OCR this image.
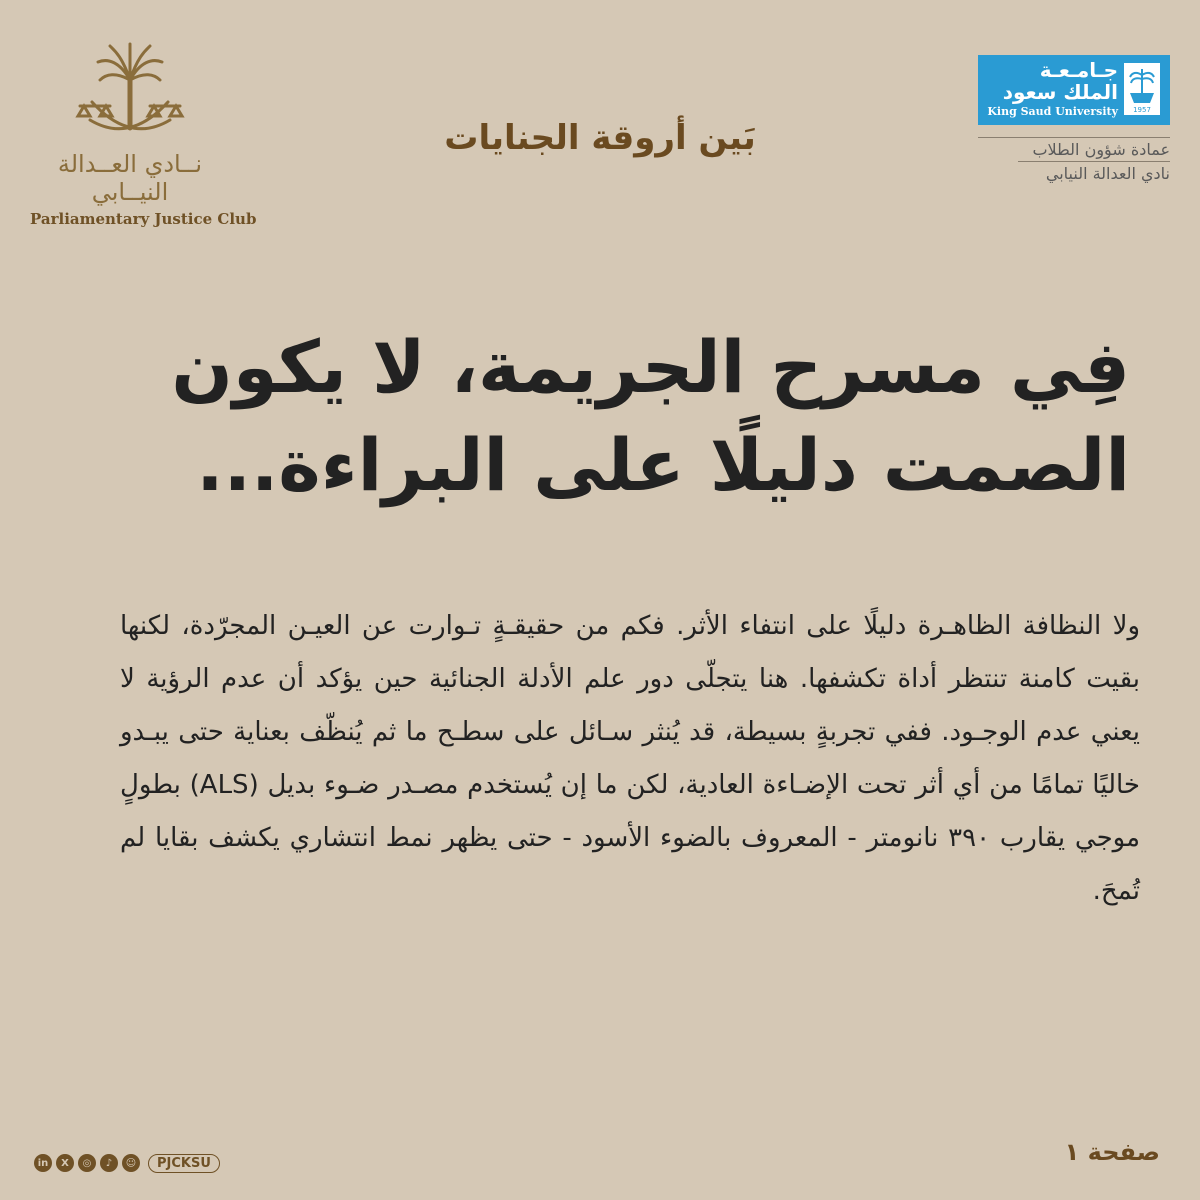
نــادي العــدالة النيــابي
Parliamentary Justice Club
بَين أروقة الجنايات
1957
جـامـعـة
الملك سعود
King Saud University
عمادة شؤون الطلاب
نادي العدالة النيابي
فِي مسرح الجريمة، لا يكون
الصمت دليلًا على البراءة...
ولا النظافة الظاهـرة دليلًا على انتفاء الأثر. فكم من حقيقـةٍ تـوارت عن العيـن المجرّدة، لكنها بقيت كامنة تنتظر أداة تكشفها. هنا يتجلّى دور علم الأدلة الجنائية حين يؤكد أن عدم الرؤية لا يعني عدم الوجـود. ففي تجربةٍ بسيطة، قد يُنثر سـائل على سطـح ما ثم يُنظّف بعناية حتى يبـدو خاليًا تمامًا من أي أثر تحت الإضـاءة العادية، لكن ما إن يُستخدم مصـدر ضـوء بديل (ALS) بطولٍ موجي يقارب ٣٩٠ نانومتر - المعروف بالضوء الأسود - حتى يظهر نمط انتشاري يكشف بقايا لم تُمحَ.
in	X	◎	♪	☺	PJCKSU	صفحة ١
